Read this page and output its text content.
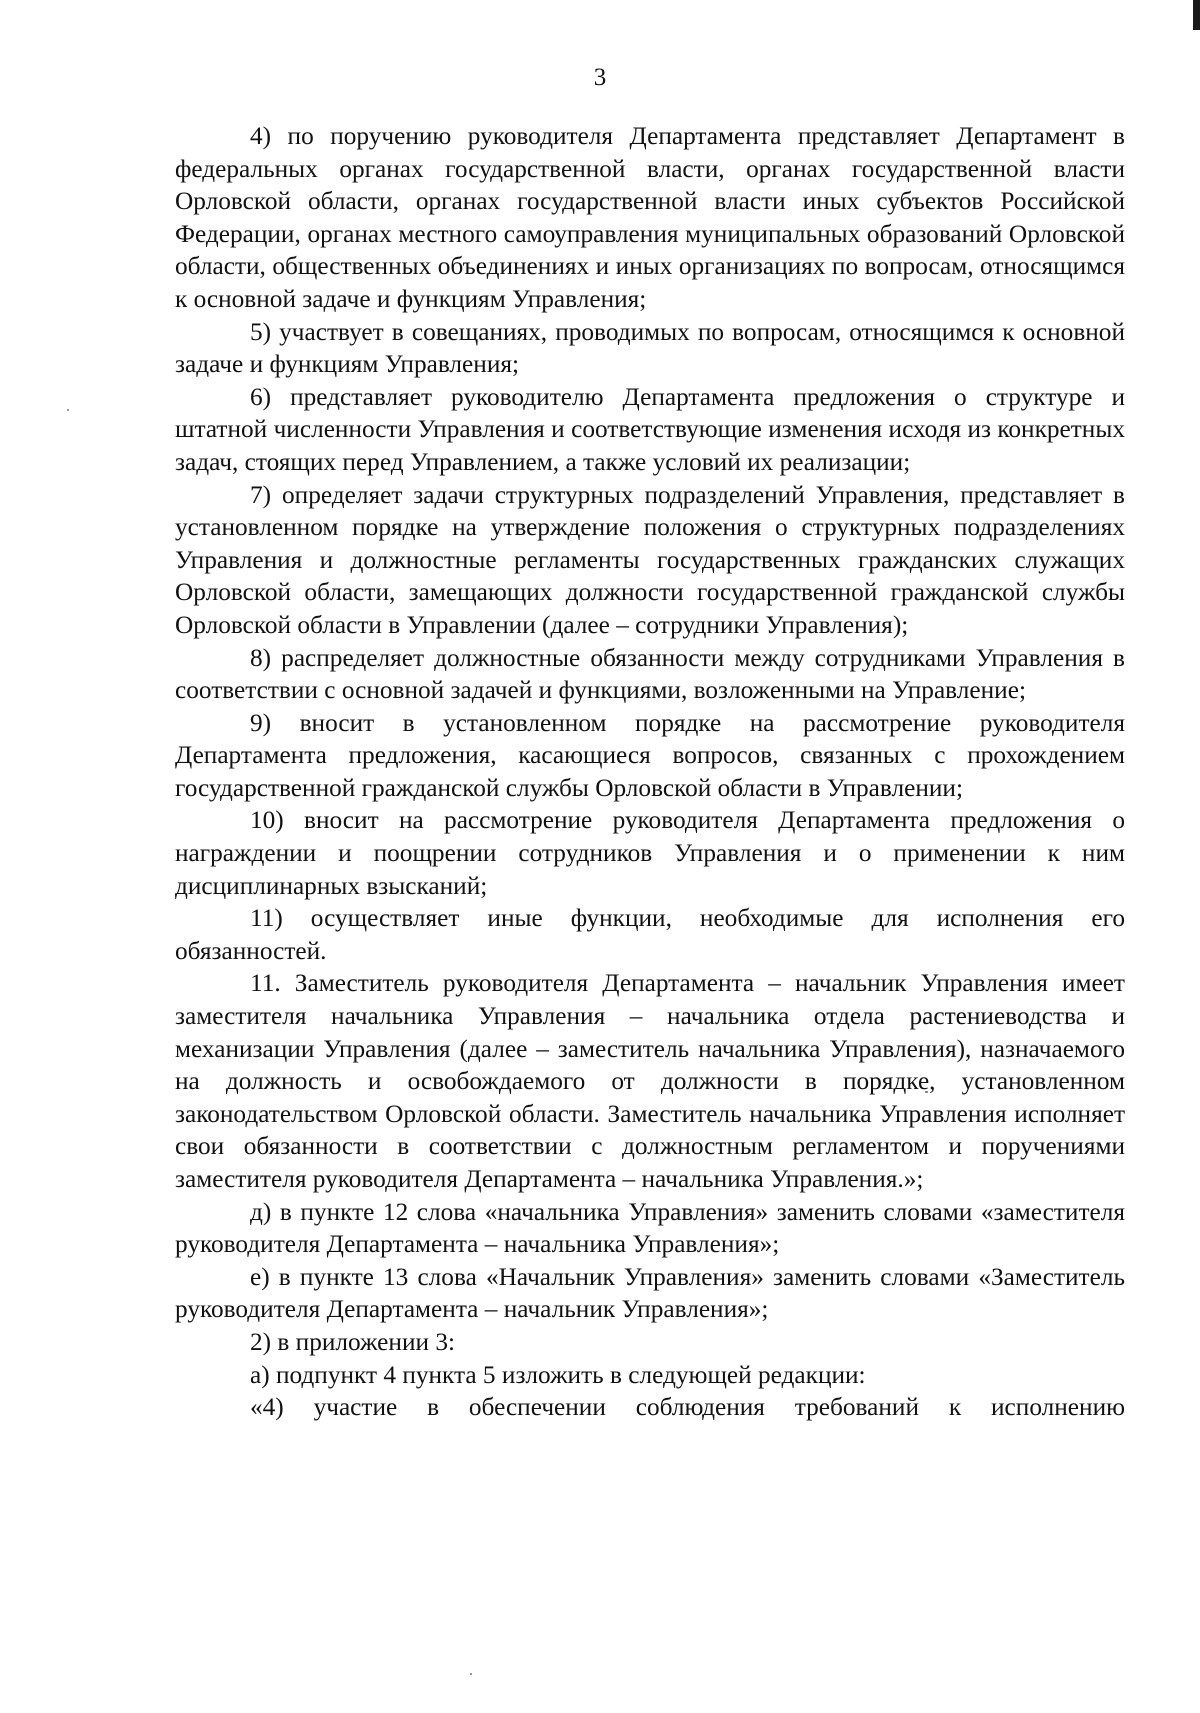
3

4) по поручению руководителя Департамента представляет Департамент в федеральных органах государственной власти, органах государственной власти Орловской области, органах государственной власти иных субъектов Российской Федерации, органах местного самоуправления муниципальных образований Орловской области, общественных объединениях и иных организациях по вопросам, относящимся к основной задаче и функциям Управления;

5) участвует в совещаниях, проводимых по вопросам, относящимся к основной задаче и функциям Управления;

6) представляет руководителю Департамента предложения о структуре и штатной численности Управления и соответствующие изменения исходя из конкретных задач, стоящих перед Управлением, а также условий их реализации;

7) определяет задачи структурных подразделений Управления, представляет в установленном порядке на утверждение положения о структурных подразделениях Управления и должностные регламенты государственных гражданских служащих Орловской области, замещающих должности государственной гражданской службы Орловской области в Управлении (далее – сотрудники Управления);

8) распределяет должностные обязанности между сотрудниками Управления в соответствии с основной задачей и функциями, возложенными на Управление;

9) вносит в установленном порядке на рассмотрение руководителя Департамента предложения, касающиеся вопросов, связанных с прохождением государственной гражданской службы Орловской области в Управлении;

10) вносит на рассмотрение руководителя Департамента предложения о награждении и поощрении сотрудников Управления и о применении к ним дисциплинарных взысканий;

11) осуществляет иные функции, необходимые для исполнения его обязанностей.

11. Заместитель руководителя Департамента – начальник Управления имеет заместителя начальника Управления – начальника отдела растениеводства и механизации Управления (далее – заместитель начальника Управления), назначаемого на должность и освобождаемого от должности в порядке, установленном законодательством Орловской области. Заместитель начальника Управления исполняет свои обязанности в соответствии с должностным регламентом и поручениями заместителя руководителя Департамента – начальника Управления.»;

д) в пункте 12 слова «начальника Управления» заменить словами «заместителя руководителя Департамента – начальника Управления»;

е) в пункте 13 слова «Начальник Управления» заменить словами «Заместитель руководителя Департамента – начальник Управления»;

2) в приложении 3:

а) подпункт 4 пункта 5 изложить в следующей редакции:

«4) участие в обеспечении соблюдения требований к исполнению
